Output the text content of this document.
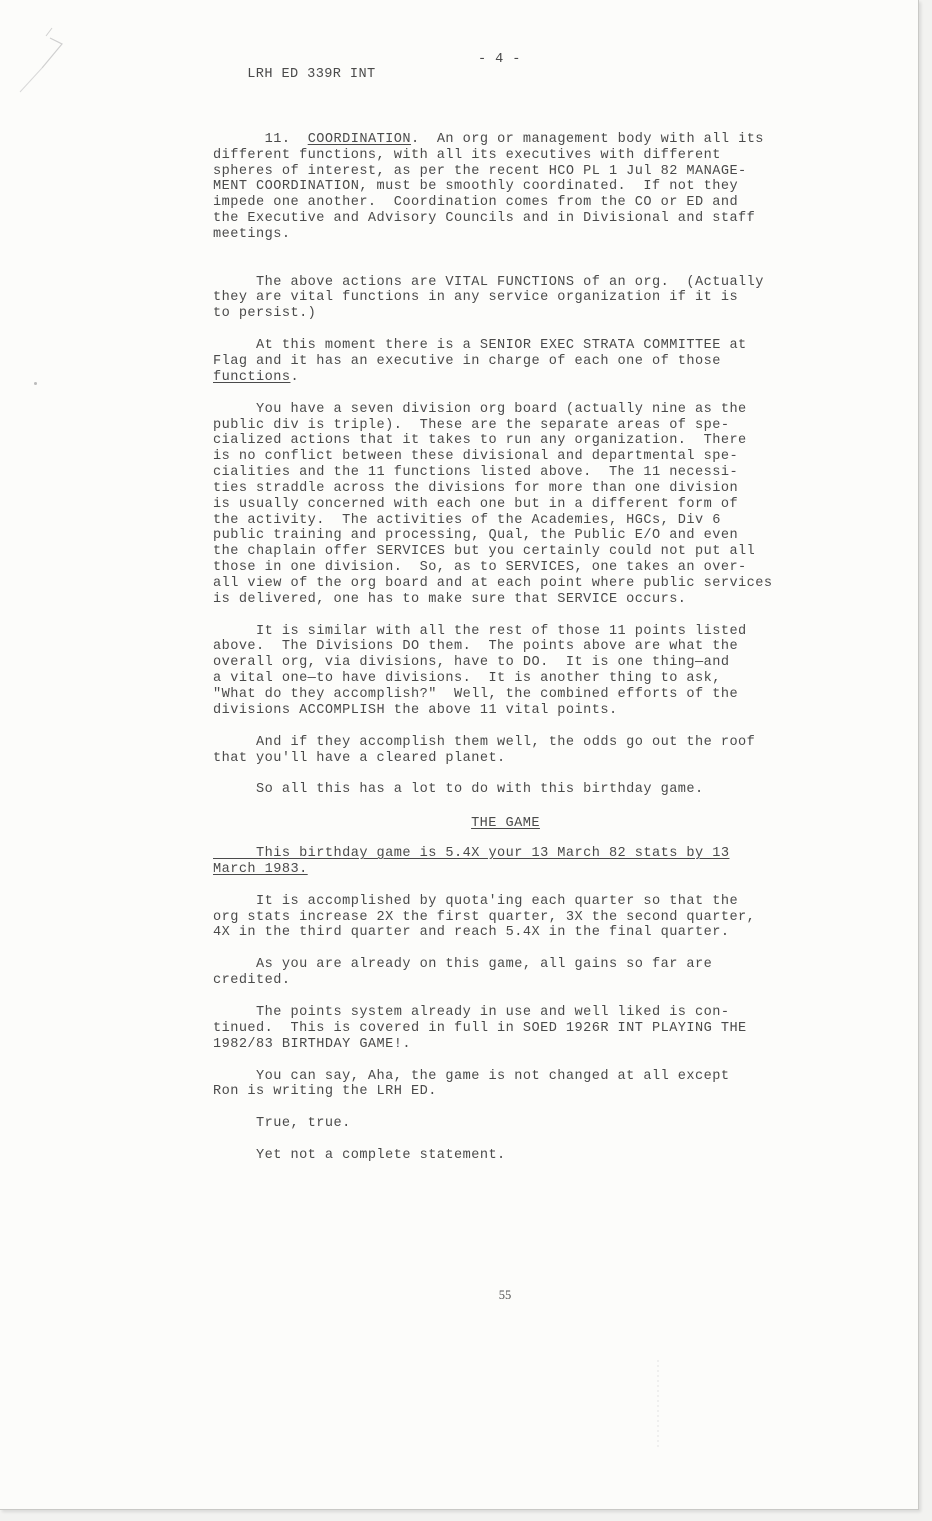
LRH ED 339R INT

- 4 -

11.  COORDINATION.  An org or management body with all its
different functions, with all its executives with different
spheres of interest, as per the recent HCO PL 1 Jul 82 MANAGE-
MENT COORDINATION, must be smoothly coordinated.  If not they
impede one another.  Coordination comes from the CO or ED and
the Executive and Advisory Councils and in Divisional and staff
meetings.

The above actions are VITAL FUNCTIONS of an org.  (Actually
they are vital functions in any service organization if it is
to persist.)

At this moment there is a SENIOR EXEC STRATA COMMITTEE at
Flag and it has an executive in charge of each one of those
functions.

You have a seven division org board (actually nine as the
public div is triple).  These are the separate areas of spe-
cialized actions that it takes to run any organization.  There
is no conflict between these divisional and departmental spe-
cialities and the 11 functions listed above.  The 11 necessi-
ties straddle across the divisions for more than one division
is usually concerned with each one but in a different form of
the activity.  The activities of the Academies, HGCs, Div 6
public training and processing, Qual, the Public E/O and even
the chaplain offer SERVICES but you certainly could not put all
those in one division.  So, as to SERVICES, one takes an over-
all view of the org board and at each point where public services
is delivered, one has to make sure that SERVICE occurs.

It is similar with all the rest of those 11 points listed
above.  The Divisions DO them.  The points above are what the
overall org, via divisions, have to DO.  It is one thing—and
a vital one—to have divisions.  It is another thing to ask,
"What do they accomplish?"  Well, the combined efforts of the
divisions ACCOMPLISH the above 11 vital points.

And if they accomplish them well, the odds go out the roof
that you'll have a cleared planet.

So all this has a lot to do with this birthday game.

THE GAME

This birthday game is 5.4X your 13 March 82 stats by 13
March 1983.

It is accomplished by quota'ing each quarter so that the
org stats increase 2X the first quarter, 3X the second quarter,
4X in the third quarter and reach 5.4X in the final quarter.

As you are already on this game, all gains so far are
credited.

The points system already in use and well liked is con-
tinued.  This is covered in full in SOED 1926R INT PLAYING THE
1982/83 BIRTHDAY GAME!.

You can say, Aha, the game is not changed at all except
Ron is writing the LRH ED.

True, true.

Yet not a complete statement.

55
